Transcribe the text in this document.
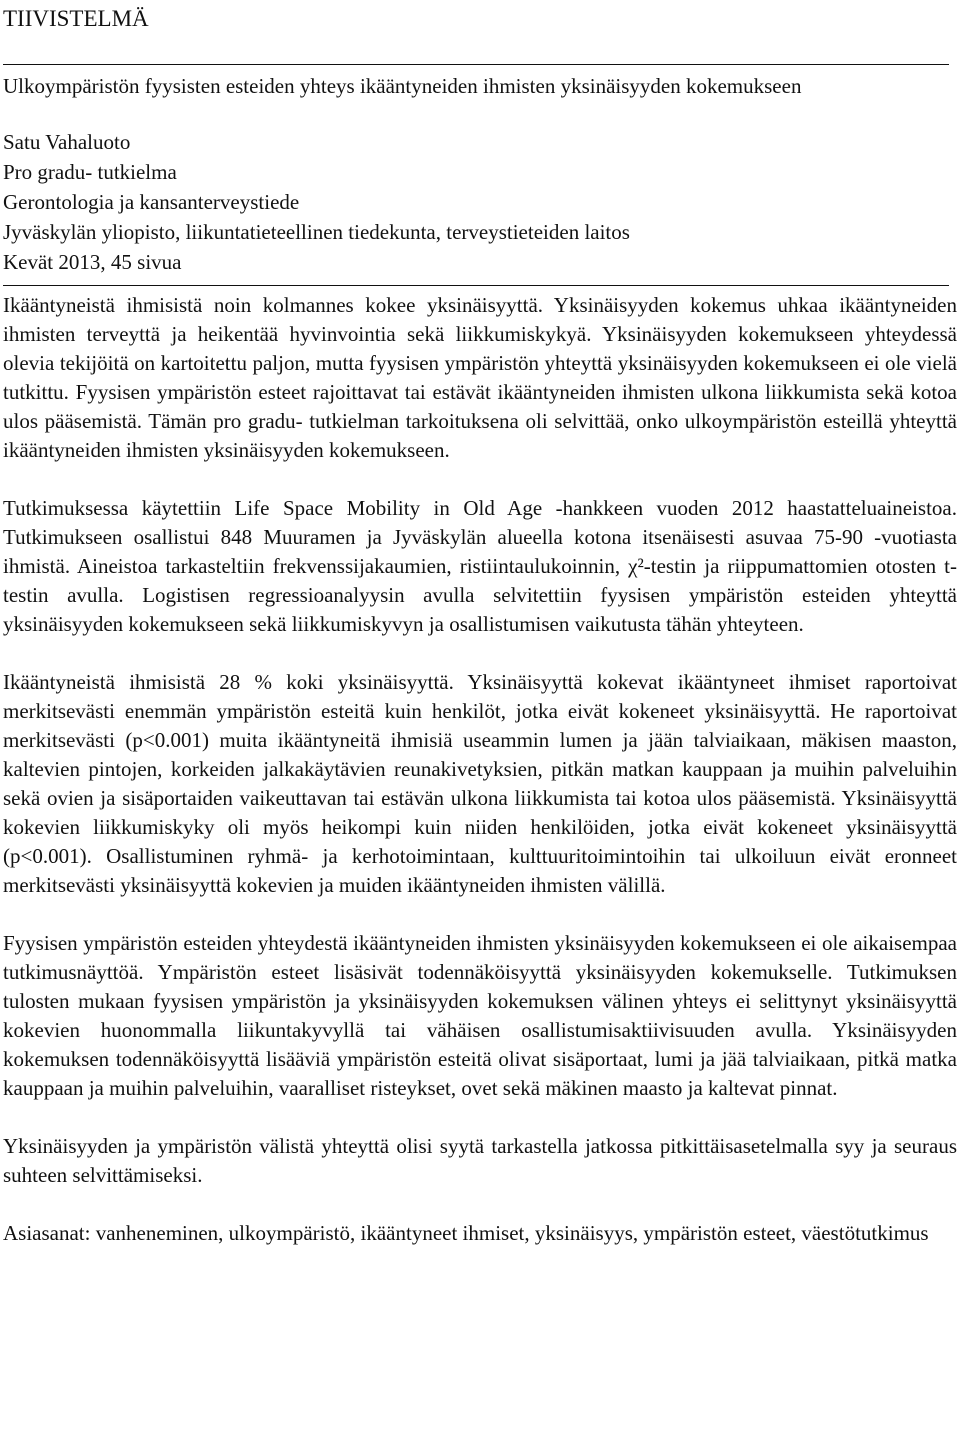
TIIVISTELMÄ

Ulkoympäristön fyysisten esteiden yhteys ikääntyneiden ihmisten yksinäisyyden kokemukseen

Satu Vahaluoto
Pro gradu- tutkielma
Gerontologia ja kansanterveystiede
Jyväskylän yliopisto, liikuntatieteellinen tiedekunta, terveystieteiden laitos
Kevät 2013, 45 sivua

Ikääntyneistä ihmisistä noin kolmannes kokee yksinäisyyttä. Yksinäisyyden kokemus uhkaa ikääntyneiden ihmisten terveyttä ja heikentää hyvinvointia sekä liikkumiskykyä. Yksinäisyyden kokemukseen yhteydessä olevia tekijöitä on kartoitettu paljon, mutta fyysisen ympäristön yhteyttä yksinäisyyden kokemukseen ei ole vielä tutkittu. Fyysisen ympäristön esteet rajoittavat tai estävät ikääntyneiden ihmisten ulkona liikkumista sekä kotoa ulos pääsemistä. Tämän pro gradu- tutkielman tarkoituksena oli selvittää, onko ulkoympäristön esteillä yhteyttä ikääntyneiden ihmisten yksinäisyyden kokemukseen.

Tutkimuksessa käytettiin Life Space Mobility in Old Age -hankkeen vuoden 2012 haastatteluaineistoa. Tutkimukseen osallistui 848 Muuramen ja Jyväskylän alueella kotona itsenäisesti asuvaa 75-90 -vuotiasta ihmistä. Aineistoa tarkasteltiin frekvenssijakaumien, ristiintaulukoinnin, χ²-testin ja riippumattomien otosten t-testin avulla. Logistisen regressioanalyysin avulla selvitettiin fyysisen ympäristön esteiden yhteyttä yksinäisyyden kokemukseen sekä liikkumiskyvyn ja osallistumisen vaikutusta tähän yhteyteen.

Ikääntyneistä ihmisistä 28 % koki yksinäisyyttä. Yksinäisyyttä kokevat ikääntyneet ihmiset raportoivat merkitsevästi enemmän ympäristön esteitä kuin henkilöt, jotka eivät kokeneet yksinäisyyttä. He raportoivat merkitsevästi (p<0.001) muita ikääntyneitä ihmisiä useammin lumen ja jään talviaikaan, mäkisen maaston, kaltevien pintojen, korkeiden jalkakäytävien reunakivetyksien, pitkän matkan kauppaan ja muihin palveluihin sekä ovien ja sisäportaiden vaikeuttavan tai estävän ulkona liikkumista tai kotoa ulos pääsemistä. Yksinäisyyttä kokevien liikkumiskyky oli myös heikompi kuin niiden henkilöiden, jotka eivät kokeneet yksinäisyyttä (p<0.001). Osallistuminen ryhmä- ja kerhotoimintaan, kulttuuritoimintoihin tai ulkoiluun eivät eronneet merkitsevästi yksinäisyyttä kokevien ja muiden ikääntyneiden ihmisten välillä.

Fyysisen ympäristön esteiden yhteydestä ikääntyneiden ihmisten yksinäisyyden kokemukseen ei ole aikaisempaa tutkimusnäyttöä. Ympäristön esteet lisäsivät todennäköisyyttä yksinäisyyden kokemukselle. Tutkimuksen tulosten mukaan fyysisen ympäristön ja yksinäisyyden kokemuksen välinen yhteys ei selittynyt yksinäisyyttä kokevien huonommalla liikuntakyvyllä tai vähäisen osallistumisaktiivisuuden avulla. Yksinäisyyden kokemuksen todennäköisyyttä lisääviä ympäristön esteitä olivat sisäportaat, lumi ja jää talviaikaan, pitkä matka kauppaan ja muihin palveluihin, vaaralliset risteykset, ovet sekä mäkinen maasto ja kaltevat pinnat.

Yksinäisyyden ja ympäristön välistä yhteyttä olisi syytä tarkastella jatkossa pitkittäisasetelmalla syy ja seuraus suhteen selvittämiseksi.

Asiasanat: vanheneminen, ulkoympäristö, ikääntyneet ihmiset, yksinäisyys, ympäristön esteet, väestötutkimus
